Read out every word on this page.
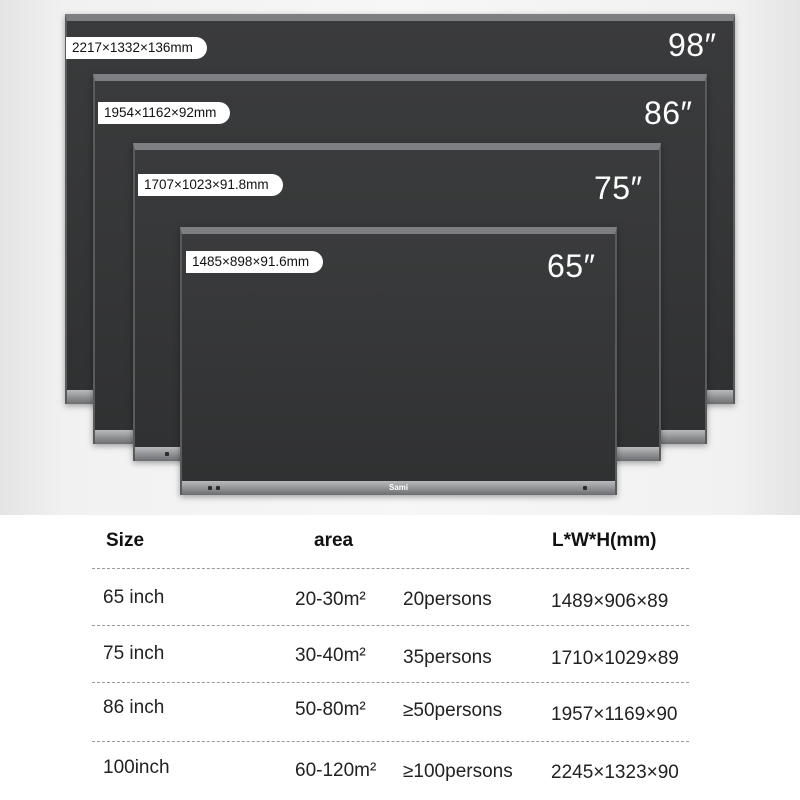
2217×1332×136mm	98″
1954×1162×92mm	86″
1707×1023×91.8mm	75″
Sami
1485×898×91.6mm	65″
Size	area	L*W*H(mm)
65 inch	20-30m² 20persons	1489×906×89
75 inch	30-40m² 35persons	1710×1029×89
86 inch	50-80m² ≥50persons	1957×1169×90
100inch	60-120m² ≥100persons 2245×1323×90
